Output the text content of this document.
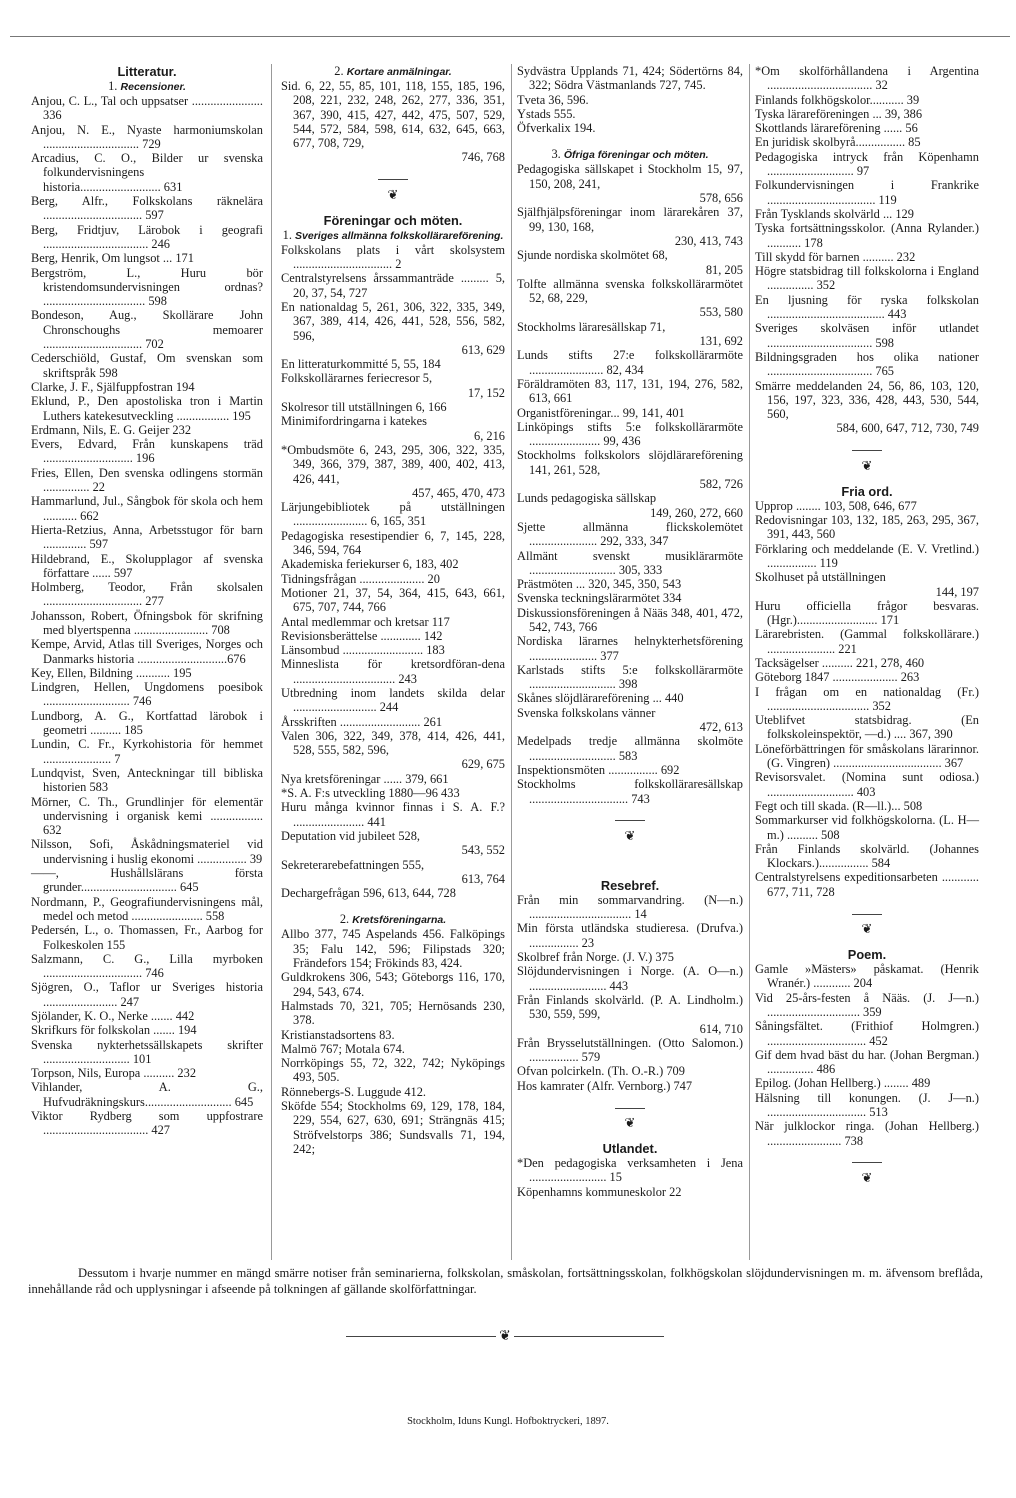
Litteratur.
1. Recensioner.
Anjou, C. L., Tal och uppsatser ....................... 336
Anjou, N. E., Nyaste harmoniumskolan ............................... 729
Arcadius, C. O., Bilder ur svenska folkundervisningens historia.......................... 631
Berg, Alfr., Folkskolans räknelära ................................ 597
Berg, Fridtjuv, Lärobok i geografi .................................. 246
Berg, Henrik, Om lungsot ... 171
Bergström, L., Huru bör kristendomsundervisningen ordnas? ................................. 598
Bondeson, Aug., Skollärare John Chronschoughs memoarer ................................ 702
Cederschiöld, Gustaf, Om svenskan som skriftspråk 598
Clarke, J. F., Själfuppfostran 194
Eklund, P., Den apostoliska tron i Martin Luthers katekesutveckling ................. 195
Erdmann, Nils, E. G. Geijer 232
Evers, Edvard, Från kunskapens träd ............................. 196
Fries, Ellen, Den svenska odlingens stormän ............... 22
Hammarlund, Jul., Sångbok för skola och hem ........... 662
Hierta-Retzius, Anna, Arbetsstugor för barn .............. 597
Hildebrand, E., Skolupplagor af svenska författare ...... 597
Holmberg, Teodor, Från skolsalen ................................ 277
Johansson, Robert, Öfningsbok för skrifning med blyertspenna ........................ 708
Kempe, Arvid, Atlas till Sveriges, Norges och Danmarks historia .............................676
Key, Ellen, Bildning ........... 195
Lindgren, Hellen, Ungdomens poesibok ............................ 746
Lundborg, A. G., Kortfattad lärobok i geometri .......... 185
Lundin, C. Fr., Kyrkohistoria för hemmet ...................... 7
Lundqvist, Sven, Anteckningar till bibliska historien 583
Mörner, C. Th., Grundlinjer för elementär undervisning i organisk kemi ................. 632
Nilsson, Sofi, Åskådningsmateriel vid undervisning i huslig ekonomi ................ 39
——, Hushållslärans första grunder............................... 645
Nordmann, P., Geografiundervisningens mål, medel och metod ....................... 558
Pedersén, L., o. Thomassen, Fr., Aarbog for Folkeskolen 155
Salzmann, C. G., Lilla myrboken ................................ 746
Sjögren, O., Taflor ur Sveriges historia ........................ 247
Sjölander, K. O., Nerke ....... 442
Skrifkurs för folkskolan ....... 194
Svenska nykterhetssällskapets skrifter ............................ 101
Torpson, Nils, Europa .......... 232
Vihlander, A. G., Hufvudräkningskurs............................ 645
Viktor Rydberg som uppfostrare .................................. 427
2. Kortare anmälningar.
Sid. 6, 22, 55, 85, 101, 118, 155, 185, 196, 208, 221, 232, 248, 262, 277, 336, 351, 367, 390, 415, 427, 442, 475, 507, 529, 544, 572, 584, 598, 614, 632, 645, 663, 677, 708, 729,
746, 768

❦
Föreningar och möten.
1. Sveriges allmänna folkskollärareförening.
Folkskolans plats i vårt skolsystem ................................ 2
Centralstyrelsens årssammanträde ......... 5, 20, 37, 54, 727
En nationaldag 5, 261, 306, 322, 335, 349, 367, 389, 414, 426, 441, 528, 556, 582, 596,
613, 629
En litteraturkommitté 5, 55, 184
Folkskollärarnes feriecresor 5,
17, 152
Skolresor till utställningen 6, 166
Minimifordringarna i katekes
6, 216
*Ombudsmöte 6, 243, 295, 306, 322, 335, 349, 366, 379, 387, 389, 400, 402, 413, 426, 441,
457, 465, 470, 473
Lärjungebibliotek på utställningen ........................ 6, 165, 351
Pedagogiska resestipendier 6, 7, 145, 228, 346, 594, 764
Akademiska feriekurser 6, 183, 402
Tidningsfrågan ..................... 20
Motioner 21, 37, 54, 364, 415, 643, 661, 675, 707, 744, 766
Antal medlemmar och kretsar 117
Revisionsberättelse ............. 142
Länsombud .......................... 183
Minneslista för kretsordföran-dena ................................. 243
Utbredning inom landets skilda delar ........................... 244
Årsskriften .......................... 261
Valen 306, 322, 349, 378, 414, 426, 441, 528, 555, 582, 596,
629, 675
Nya kretsföreningar ...... 379, 661
*S. A. F:s utveckling 1880—96 433
Huru många kvinnor finnas i S. A. F.? ....................... 441
Deputation vid jubileet 528,
543, 552
Sekreterarebefattningen 555,
613, 764
Dechargefrågan 596, 613, 644, 728
2. Kretsföreningarna.
Allbo 377, 745 Aspelands 456. Falköpings 35; Falu 142, 596; Filipstads 320; Frändefors 154; Frökinds 83, 424.
Guldkrokens 306, 543; Göteborgs 116, 170, 294, 543, 674.
Halmstads 70, 321, 705; Hernösands 230, 378.
Kristianstadsortens 83.
Malmö 767; Motala 674.
Norrköpings 55, 72, 322, 742; Nyköpings 493, 505.
Rönnebergs-S. Luggude 412.
Sköfde 554; Stockholms 69, 129, 178, 184, 229, 554, 627, 630, 691; Strängnäs 415; Ströfvelstorps 386; Sundsvalls 71, 194, 242;
Sydvästra Upplands 71, 424; Södertörns 84, 322; Södra Västmanlands 727, 745.
Tveta 36, 596.
Ystads 555.
Öfverkalix 194.
3. Öfriga föreningar och möten.
Pedagogiska sällskapet i Stockholm 15, 97, 150, 208, 241,
578, 656
Själfhjälpsföreningar inom lärarekåren 37, 99, 130, 168,
230, 413, 743
Sjunde nordiska skolmötet 68,
81, 205
Tolfte allmänna svenska folkskollärarmötet 52, 68, 229,
553, 580
Stockholms läraresällskap 71,
131, 692
Lunds stifts 27:e folkskollärarmöte ........................ 82, 434
Föräldramöten 83, 117, 131, 194, 276, 582, 613, 661
Organistföreningar... 99, 141, 401
Linköpings stifts 5:e folkskollärarmöte ....................... 99, 436
Stockholms folkskolors slöjdlärareförening 141, 261, 528,
582, 726
Lunds pedagogiska sällskap
149, 260, 272, 660
Sjette allmänna flickskolemötet ...................... 292, 333, 347
Allmänt svenskt musiklärarmöte ............................ 305, 333
Prästmöten ... 320, 345, 350, 543
Svenska teckningslärarmötet 334
Diskussionsföreningen å Nääs 348, 401, 472, 542, 743, 766
Nordiska lärarnes helnykterhetsförening ...................... 377
Karlstads stifts 5:e folkskollärarmöte ............................ 398
Skånes slöjdlärareförening ... 440
Svenska folkskolans vänner
472, 613
Medelpads tredje allmänna skolmöte ............................ 583
Inspektionsmöten ................ 692
Stockholms folkskolläraresällskap ................................ 743

❦
Resebref.
Från min sommarvandring. (N—n.) ................................. 14
Min första utländska studieresa. (Drufva.) ................ 23
Skolbref från Norge. (J. V.) 375
Slöjdundervisningen i Norge. (A. O—n.) ......................... 443
Från Finlands skolvärld. (P. A. Lindholm.) 530, 559, 599,
614, 710
Från Brysselutställningen. (Otto Salomon.) ................ 579
Ofvan polcirkeln. (Th. O.-R.) 709
Hos kamrater (Alfr. Vernborg.) 747

❦
Utlandet.
*Den pedagogiska verksamheten i Jena ......................... 15
Köpenhamns kommuneskolor 22
*Om skolförhållandena i Argentina .................................. 32
Finlands folkhögskolor........... 39
Tyska lärareföreningen ... 39, 386
Skottlands lärareförening ...... 56
En juridisk skolbyrå................ 85
Pedagogiska intryck från Köpenhamn ............................ 97
Folkundervisningen i Frankrike ................................... 119
Från Tysklands skolvärld ... 129
Tyska fortsättningsskolor. (Anna Rylander.) ........... 178
Till skydd för barnen .......... 232
Högre statsbidrag till folkskolorna i England ............... 352
En ljusning för ryska folkskolan ...................................... 443
Sveriges skolväsen inför utlandet .................................. 598
Bildningsgraden hos olika nationer .................................. 765
Smärre meddelanden 24, 56, 86, 103, 120, 156, 197, 323, 336, 428, 443, 530, 544, 560,
584, 600, 647, 712, 730, 749

❦
Fria ord.
Upprop ........ 103, 508, 646, 677
Redovisningar 103, 132, 185, 263, 295, 367, 391, 443, 560
Förklaring och meddelande (E. V. Vretlind.) ................ 119
Skolhuset på utställningen
144, 197
Huru officiella frågor besvaras. (Hgr.).......................... 171
Lärarebristen. (Gammal folkskollärare.) ...................... 221
Tacksägelser .......... 221, 278, 460
Göteborg 1847 ..................... 263
I frågan om en nationaldag (Fr.) ................................. 352
Uteblifvet statsbidrag. (En folkskoleinspektör, —d.) .... 367, 390
Löneförbättringen för småskolans lärarinnor. (G. Vingren) ................................... 367
Revisorsvalet. (Nomina sunt odiosa.) ............................ 403
Fegt och till skada. (R—ll.)... 508
Sommarkurser vid folkhögskolorna. (L. H—m.) .......... 508
Från Finlands skolvärld. (Johannes Klockars.)................ 584
Centralstyrelsens expeditionsarbeten ............ 677, 711, 728

❦
Poem.
Gamle »Mästers» påskamat. (Henrik Wranér.) ............ 204
Vid 25-års-festen å Nääs. (J. J—n.) .............................. 359
Såningsfältet. (Frithiof Holmgren.) ................................ 452
Gif dem hvad bäst du har. (Johan Bergman.) ............... 486
Epilog. (Johan Hellberg.) ........ 489
Hälsning till konungen. (J. J—n.) ................................ 513
När julklockor ringa. (Johan Hellberg.) ........................ 738

❦

Dessutom i hvarje nummer en mängd smärre notiser från seminarierna, folkskolan, småskolan, fortsättningsskolan, folkhögskolan slöjdundervisningen m. m. äfvensom breflåda, innehållande råd och upplysningar i afseende på tolkningen af gällande skolförfattningar.

❦
Stockholm, Iduns Kungl. Hofboktryckeri, 1897.
